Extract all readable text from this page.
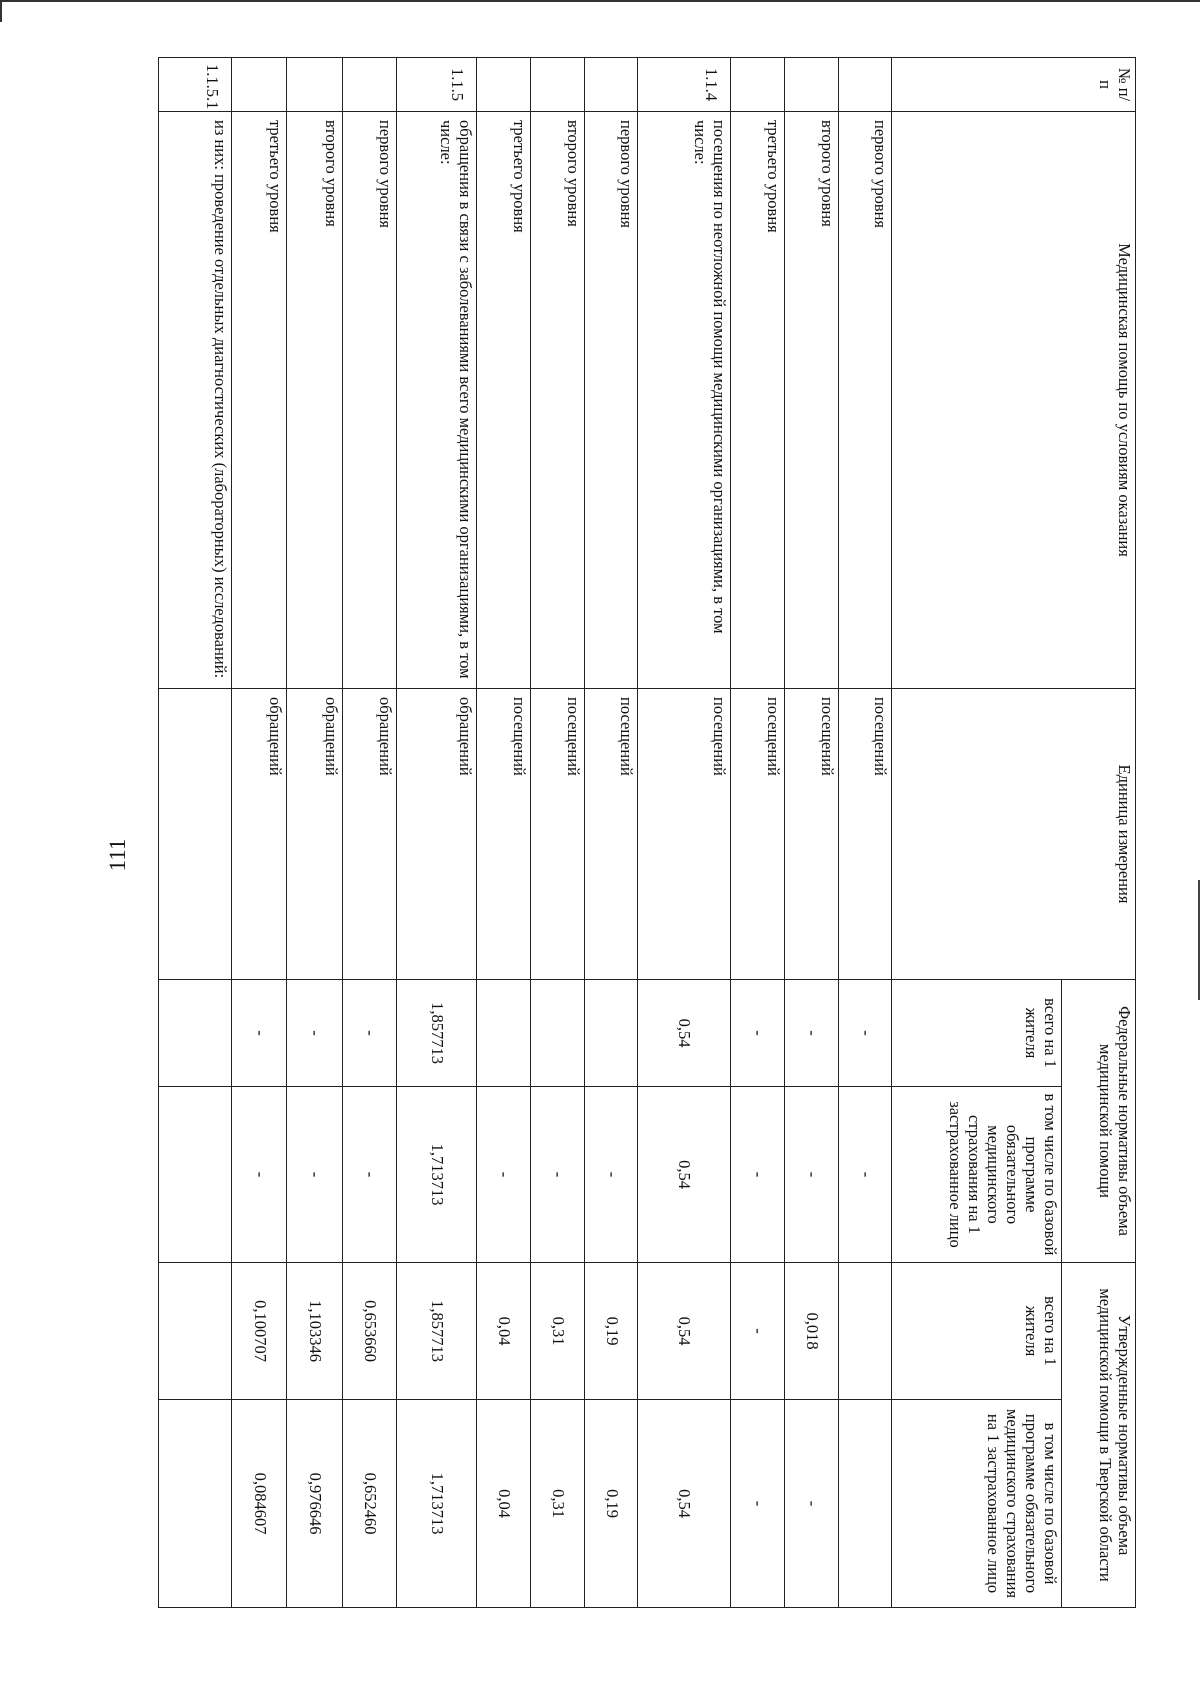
111
№ п/п	Медицинская помощь по условиям оказания	Единица измерения	Федеральные нормативы объема медицинской помощи		Утвержденные нормативы объема медицинской помощи в Тверской области	
			всего на 1 жителя	в том числе по базовой программе обязательного медицинского страхования на 1 застрахованное лицо	всего на 1 жителя	в том числе по базовой программе обязательного медицинского страхования на 1 застрахованное лицо
	первого уровня	посещений	-	-		
	второго уровня	посещений	-	-	0,018	-
	третьего уровня	посещений	-	-	-	-
1.1.4	посещения по неотложной помощи медицинскими организациями, в том числе:	посещений	0,54	0,54	0,54	0,54
	первого уровня	посещений		-	0,19	0,19
	второго уровня	посещений		-	0,31	0,31
	третьего уровня	посещений		-	0,04	0,04
1.1.5	обращения в связи с заболеваниями всего медицинскими организациями, в том числе:	обращений	1,857713	1,713713	1,857713	1,713713
	первого уровня	обращений	-	-	0,653660	0,652460
	второго уровня	обращений	-	-	1,103346	0,976646
	третьего уровня	обращений	-	-	0,100707	0,084607
1.1.5.1	из них: проведение отдельных диагностических (лабораторных) исследований:					
